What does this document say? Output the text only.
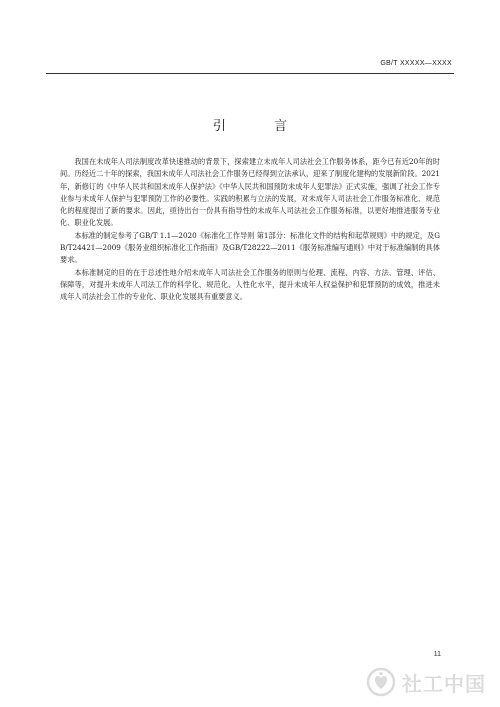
GB/T XXXXX—XXXX
引 言

我国在未成年人司法制度改革快速推动的背景下，探索建立未成年人司法社会工作服务体系，距今已有近20年的时间。历经近二十年的探索，我国未成年人司法社会工作服务已经得到立法承认，迎来了制度化建构的发展新阶段。2021年，新修订的《中华人民共和国未成年人保护法》《中华人民共和国预防未成年人犯罪法》正式实施，强调了社会工作专业参与未成年人保护与犯罪预防工作的必要性。实践的积累与立法的发展，对未成年人司法社会工作服务标准化、规范化的程度提出了新的要求。因此，亟待出台一份具有指导性的未成年人司法社会工作服务标准，以更好地推进服务专业化、职业化发展。

本标准的制定参考了GB/T 1.1—2020《标准化工作导则 第1部分：标准化文件的结构和起草规则》中的规定，及GB/T24421—2009《服务业组织标准化工作指南》及GB/T28222—2011《服务标准编写通则》中对于标准编制的具体要求。

本标准制定的目的在于总述性地介绍未成年人司法社会工作服务的原则与伦理、流程、内容、方法、管理、评估、保障等，对提升未成年人司法工作的科学化、规范化、人性化水平，提升未成年人权益保护和犯罪预防的成效，推进未成年人司法社会工作的专业化、职业化发展具有重要意义。

11
社工中国
